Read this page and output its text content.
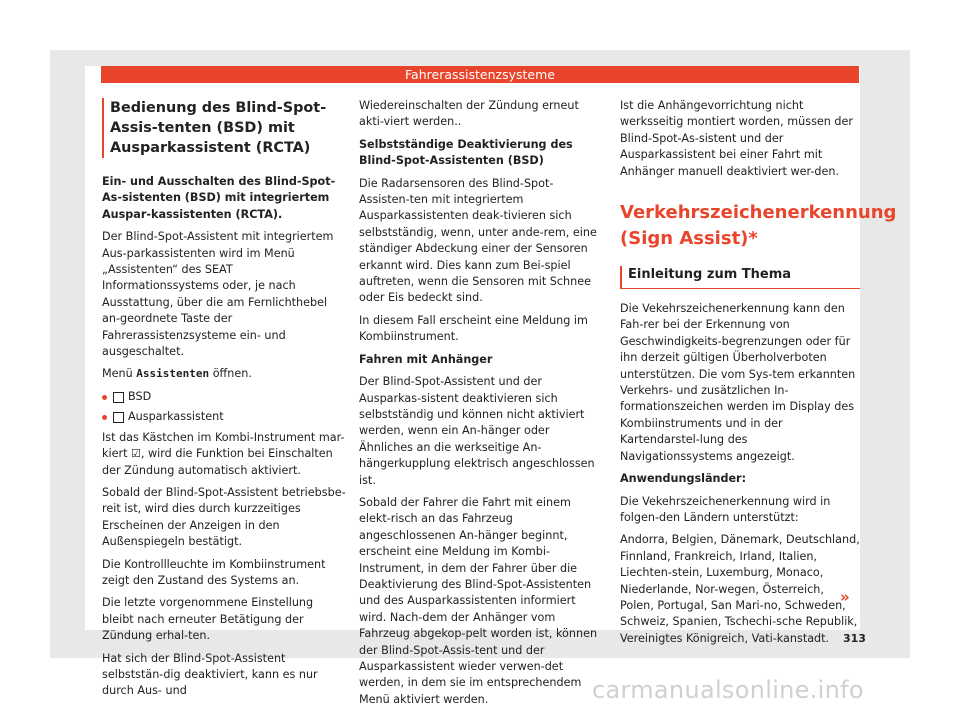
Fahrerassistenzsysteme
Bedienung des Blind-Spot-Assis-tenten (BSD) mit Ausparkassistent (RCTA)

Ein- und Ausschalten des Blind-Spot-As-sistenten (BSD) mit integriertem Auspar-kassistenten (RCTA).

Der Blind-Spot-Assistent mit integriertem Aus-parkassistenten wird im Menü „Assistenten“ des SEAT Informationssystems oder, je nach Ausstattung, über die am Fernlichthebel an-geordnete Taste der Fahrerassistenzsysteme ein- und ausgeschaltet.

Menü Assistenten öffnen.

BSD
Ausparkassistent

Ist das Kästchen im Kombi-Instrument mar-kiert ☑, wird die Funktion bei Einschalten der Zündung automatisch aktiviert.

Sobald der Blind-Spot-Assistent betriebsbe-reit ist, wird dies durch kurzzeitiges Erscheinen der Anzeigen in den Außenspiegeln bestätigt.

Die Kontrollleuchte im Kombiinstrument zeigt den Zustand des Systems an.

Die letzte vorgenommene Einstellung bleibt nach erneuter Betätigung der Zündung erhal-ten.

Hat sich der Blind-Spot-Assistent selbststän-dig deaktiviert, kann es nur durch Aus- und

Wiedereinschalten der Zündung erneut akti-viert werden..

Selbstständige Deaktivierung des Blind-Spot-Assistenten (BSD)

Die Radarsensoren des Blind-Spot-Assisten-ten mit integriertem Ausparkassistenten deak-tivieren sich selbstständig, wenn, unter ande-rem, eine ständiger Abdeckung einer der Sensoren erkannt wird. Dies kann zum Bei-spiel auftreten, wenn die Sensoren mit Schnee oder Eis bedeckt sind.

In diesem Fall erscheint eine Meldung im Kombiinstrument.

Fahren mit Anhänger

Der Blind-Spot-Assistent und der Ausparkas-sistent deaktivieren sich selbstständig und können nicht aktiviert werden, wenn ein An-hänger oder Ähnliches an die werkseitige An-hängerkupplung elektrisch angeschlossen ist.

Sobald der Fahrer die Fahrt mit einem elekt-risch an das Fahrzeug angeschlossenen An-hänger beginnt, erscheint eine Meldung im Kombi-Instrument, in dem der Fahrer über die Deaktivierung des Blind-Spot-Assistenten und des Ausparkassistenten informiert wird. Nach-dem der Anhänger vom Fahrzeug abgekop-pelt worden ist, können der Blind-Spot-Assis-tent und der Ausparkassistent wieder verwen-det werden, in dem sie im entsprechendem Menü aktiviert werden.

Ist die Anhängevorrichtung nicht werksseitig montiert worden, müssen der Blind-Spot-As-sistent und der Ausparkassistent bei einer Fahrt mit Anhänger manuell deaktiviert wer-den.

Verkehrszeichenerkennung (Sign Assist)*
Einleitung zum Thema

Die Vekehrszeichenerkennung kann den Fah-rer bei der Erkennung von Geschwindigkeits-begrenzungen oder für ihn derzeit gültigen Überholverboten unterstützen. Die vom Sys-tem erkannten Verkehrs- und zusätzlichen In-formationszeichen werden im Display des Kombiinstruments und in der Kartendarstel-lung des Navigationssystems angezeigt.

Anwendungsländer:

Die Vekehrszeichenerkennung wird in folgen-den Ländern unterstützt:

Andorra, Belgien, Dänemark, Deutschland, Finnland, Frankreich, Irland, Italien, Liechten-stein, Luxemburg, Monaco, Niederlande, Nor-wegen, Österreich, Polen, Portugal, San Mari-no, Schweden, Schweiz, Spanien, Tschechi-sche Republik, Vereinigtes Königreich, Vati-kanstadt.

»
313
carmanualsonline.info
